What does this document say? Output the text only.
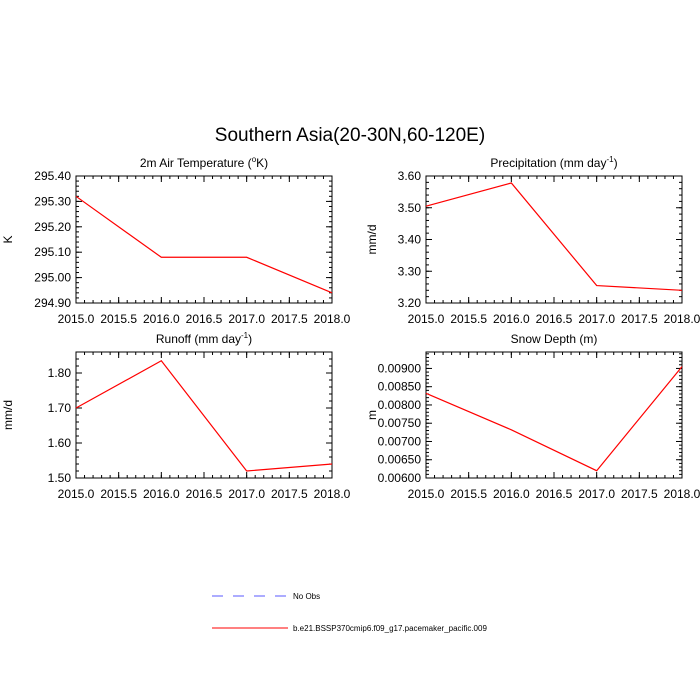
Southern Asia(20-30N,60-120E)
2m Air Temperature ($^o$K)
2015.0 2015.5 2016.0 2016.5 2017.0 2017.5 2018.0
294.90
295.00
295.10
295.20
295.30
295.40
K
Precipitation (mm day$^{-1}$)
2015.0 2015.5 2016.0 2016.5 2017.0 2017.5 2018.0
3.20
3.30
3.40
3.50
3.60
mm/d
Runoff (mm day$^{-1}$)
2015.0 2015.5 2016.0 2016.5 2017.0 2017.5 2018.0
1.50
1.60
1.70
1.80
mm/d
Snow Depth (m)
2015.0 2015.5 2016.0 2016.5 2017.0 2017.5 2018.0
0.00600
0.00650
0.00700
0.00750
0.00800
0.00850
0.00900
m
No Obs
b.e21.BSSP370cmip6.f09_g17.pacemaker_pacific.009
